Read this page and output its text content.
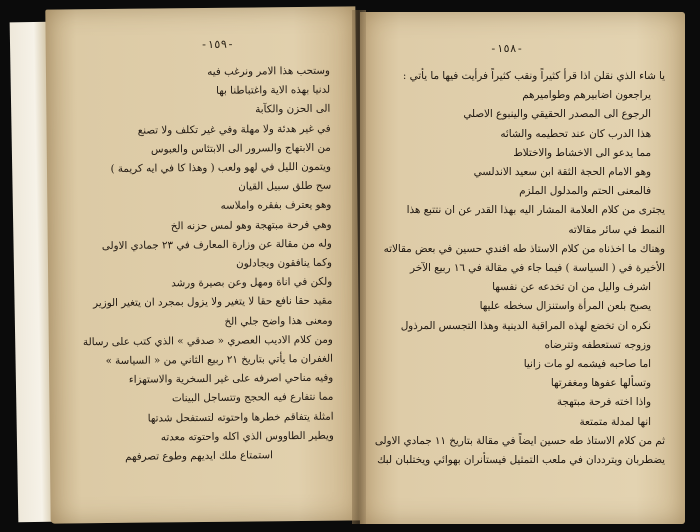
-١٥٩-
وستحب هذا الامر ونرغب فيه
لدنيا بهذه الاية واغتباطنا بها
الى الحزن والكآبة
في غير هدئة ولا مهلة وفي غير تكلف ولا تصنع
من الابتهاج والسرور الى الابتئاس والعبوس
ويتمون الليل في لهو ولعب ( وهذا كا في ايه كريمة )
سح طلق سبيل القيان
وهو يعترف بفقره واملاسه
وهي فرحة مبتهجة وهو لمس حزنه الخ
وله من مقالة عن وزارة المعارف في ٢٣ جمادي الاولى
وكما ينافقون ويجادلون
ولكن في اناة ومهل وعن بصيرة ورشد
مقيد حقا نافع حقا لا يتغير ولا يزول بمجرد ان يتغير الوزير
ومعنى هذا واضح جلي الخ
ومن كلام الاديب العصري « صدقي » الذي كتب على رسالة
الغفران ما يأتي بتاريخ ٢١ ربيع الثاني من « السياسة »
وفيه مناحي اصرفه على غير السخرية والاستهزاء
مما نتفارع فيه الحجج وتتساجل البينات
امثلة يتفاقم خطرها واحتوته لتستفحل شدتها
ويطير الطاووس الذي اكله واحتوته معدته
استمتاع ملك ايديهم وطوع تصرفهم
-١٥٨-
يا شاء الذي نقلن اذا قرأ كثيراً ونقب كثيراً فرأيت فيها ما يأتي :
يراجعون اضابيرهم وطواميرهم
الرجوع الى المصدر الحقيقي والينبوع الاصلي
هذا الدرب كان عند تحطيمه والشائه
مما يدعو الى الاخشاط والاختلاط
وهو الامام الحجة الثقة ابن سعيد الاندلسي
فالمعنى الحتم والمدلول الملزم
يجترى من كلام العلامة المشار اليه بهذا القدر عن ان نتتبع هذا
النمط في سائر مقالاته
وهناك ما اخذناه من كلام الاستاذ طه افندي حسين في بعض مقالاته
الأخيرة في ( السياسة ) فيما جاء في مقالة في ١٦ ربيع الآخر
اشرف واليل من ان تخدعه عن نفسها
يصبح بلعن المرأة واستنزال سخطه عليها
نكره ان تخضع لهذه المراقبة الدينية وهذا التجسس المرذول
وزوجه تستعطفه وتترضاه
اما صاحبه فيشمه لو مات زانيا
وتسألها عفوها ومغفرتها
واذا اخته فرحة مبتهجة
انها لمدلة متمتعة
ثم من كلام الاستاذ طه حسين ايضاً في مقالة بتاريخ ١١ جمادي الاولى
يضطربان ويترددان في ملعب التمثيل فيستأنران بهوائي ويختلبان لبك
